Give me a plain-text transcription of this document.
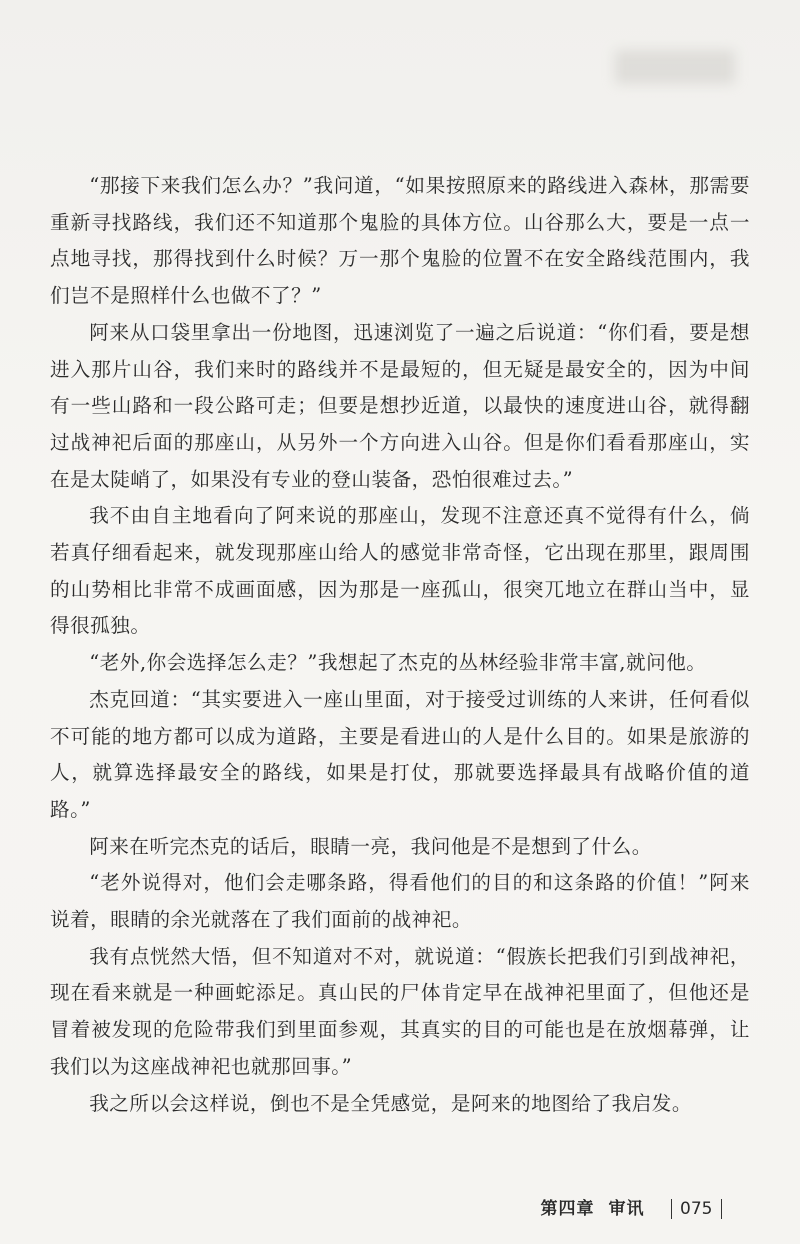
“那接下来我们怎么办？”我问道，“如果按照原来的路线进入森林，那需要重新寻找路线，我们还不知道那个鬼脸的具体方位。山谷那么大，要是一点一点地寻找，那得找到什么时候？万一那个鬼脸的位置不在安全路线范围内，我们岂不是照样什么也做不了？”

阿来从口袋里拿出一份地图，迅速浏览了一遍之后说道：“你们看，要是想进入那片山谷，我们来时的路线并不是最短的，但无疑是最安全的，因为中间有一些山路和一段公路可走；但要是想抄近道，以最快的速度进山谷，就得翻过战神祀后面的那座山，从另外一个方向进入山谷。但是你们看看那座山，实在是太陡峭了，如果没有专业的登山装备，恐怕很难过去。”

我不由自主地看向了阿来说的那座山，发现不注意还真不觉得有什么，倘若真仔细看起来，就发现那座山给人的感觉非常奇怪，它出现在那里，跟周围的山势相比非常不成画面感，因为那是一座孤山，很突兀地立在群山当中，显得很孤独。

“老外,你会选择怎么走？”我想起了杰克的丛林经验非常丰富,就问他。

杰克回道：“其实要进入一座山里面，对于接受过训练的人来讲，任何看似不可能的地方都可以成为道路，主要是看进山的人是什么目的。如果是旅游的人，就算选择最安全的路线，如果是打仗，那就要选择最具有战略价值的道路。”

阿来在听完杰克的话后，眼睛一亮，我问他是不是想到了什么。

“老外说得对，他们会走哪条路，得看他们的目的和这条路的价值！”阿来说着，眼睛的余光就落在了我们面前的战神祀。

我有点恍然大悟，但不知道对不对，就说道：“假族长把我们引到战神祀，现在看来就是一种画蛇添足。真山民的尸体肯定早在战神祀里面了，但他还是冒着被发现的危险带我们到里面参观，其真实的目的可能也是在放烟幕弹，让我们以为这座战神祀也就那回事。”

我之所以会这样说，倒也不是全凭感觉，是阿来的地图给了我启发。

第四章 审讯 075
